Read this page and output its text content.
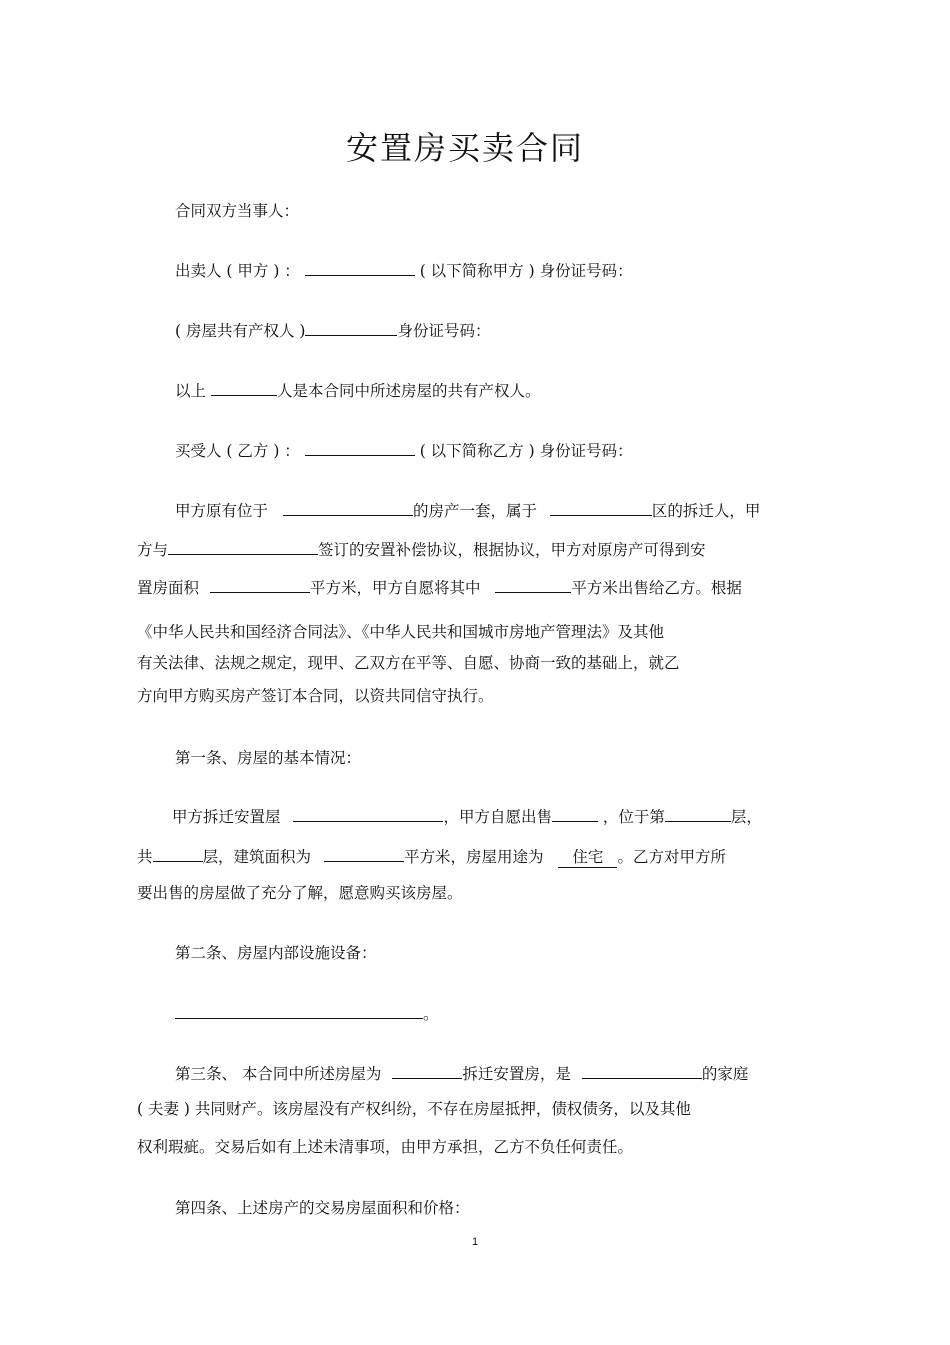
安置房买卖合同
合同双方当事人：
出卖人 ( 甲方 ) ：	( 以下简称甲方 ) 身份证号码：
( 房屋共有产权人 )	身份证号码：
以上	人是本合同中所述房屋的共有产权人。
买受人 ( 乙方 ) ：	( 以下简称乙方 ) 身份证号码：
甲方原有位于	的房产一套，属于	区的拆迁人，甲
方与	签订的安置补偿协议，根据协议，甲方对原房产可得到安
置房面积	平方米，甲方自愿将其中	平方米出售给乙方。根据
《中华人民共和国经济合同法》、《中华人民共和国城市房地产管理法》及其他
有关法律、法规之规定，现甲、乙双方在平等、自愿、协商一致的基础上，就乙
方向甲方购买房产签订本合同，以资共同信守执行。
第一条、房屋的基本情况：
甲方拆迁安置屋	，甲方自愿出售	，位于第	层，
共	层，建筑面积为	平方米，房屋用途为 住宅 。乙方对甲方所
要出售的房屋做了充分了解，愿意购买该房屋。
第二条、房屋内部设施设备：
。
第三条、 本合同中所述房屋为	拆迁安置房，是	的家庭
( 夫妻 ) 共同财产。该房屋没有产权纠纷，不存在房屋抵押，债权债务，以及其他
权利瑕疵。交易后如有上述未清事项，由甲方承担，乙方不负任何责任。
第四条、上述房产的交易房屋面积和价格：
1
